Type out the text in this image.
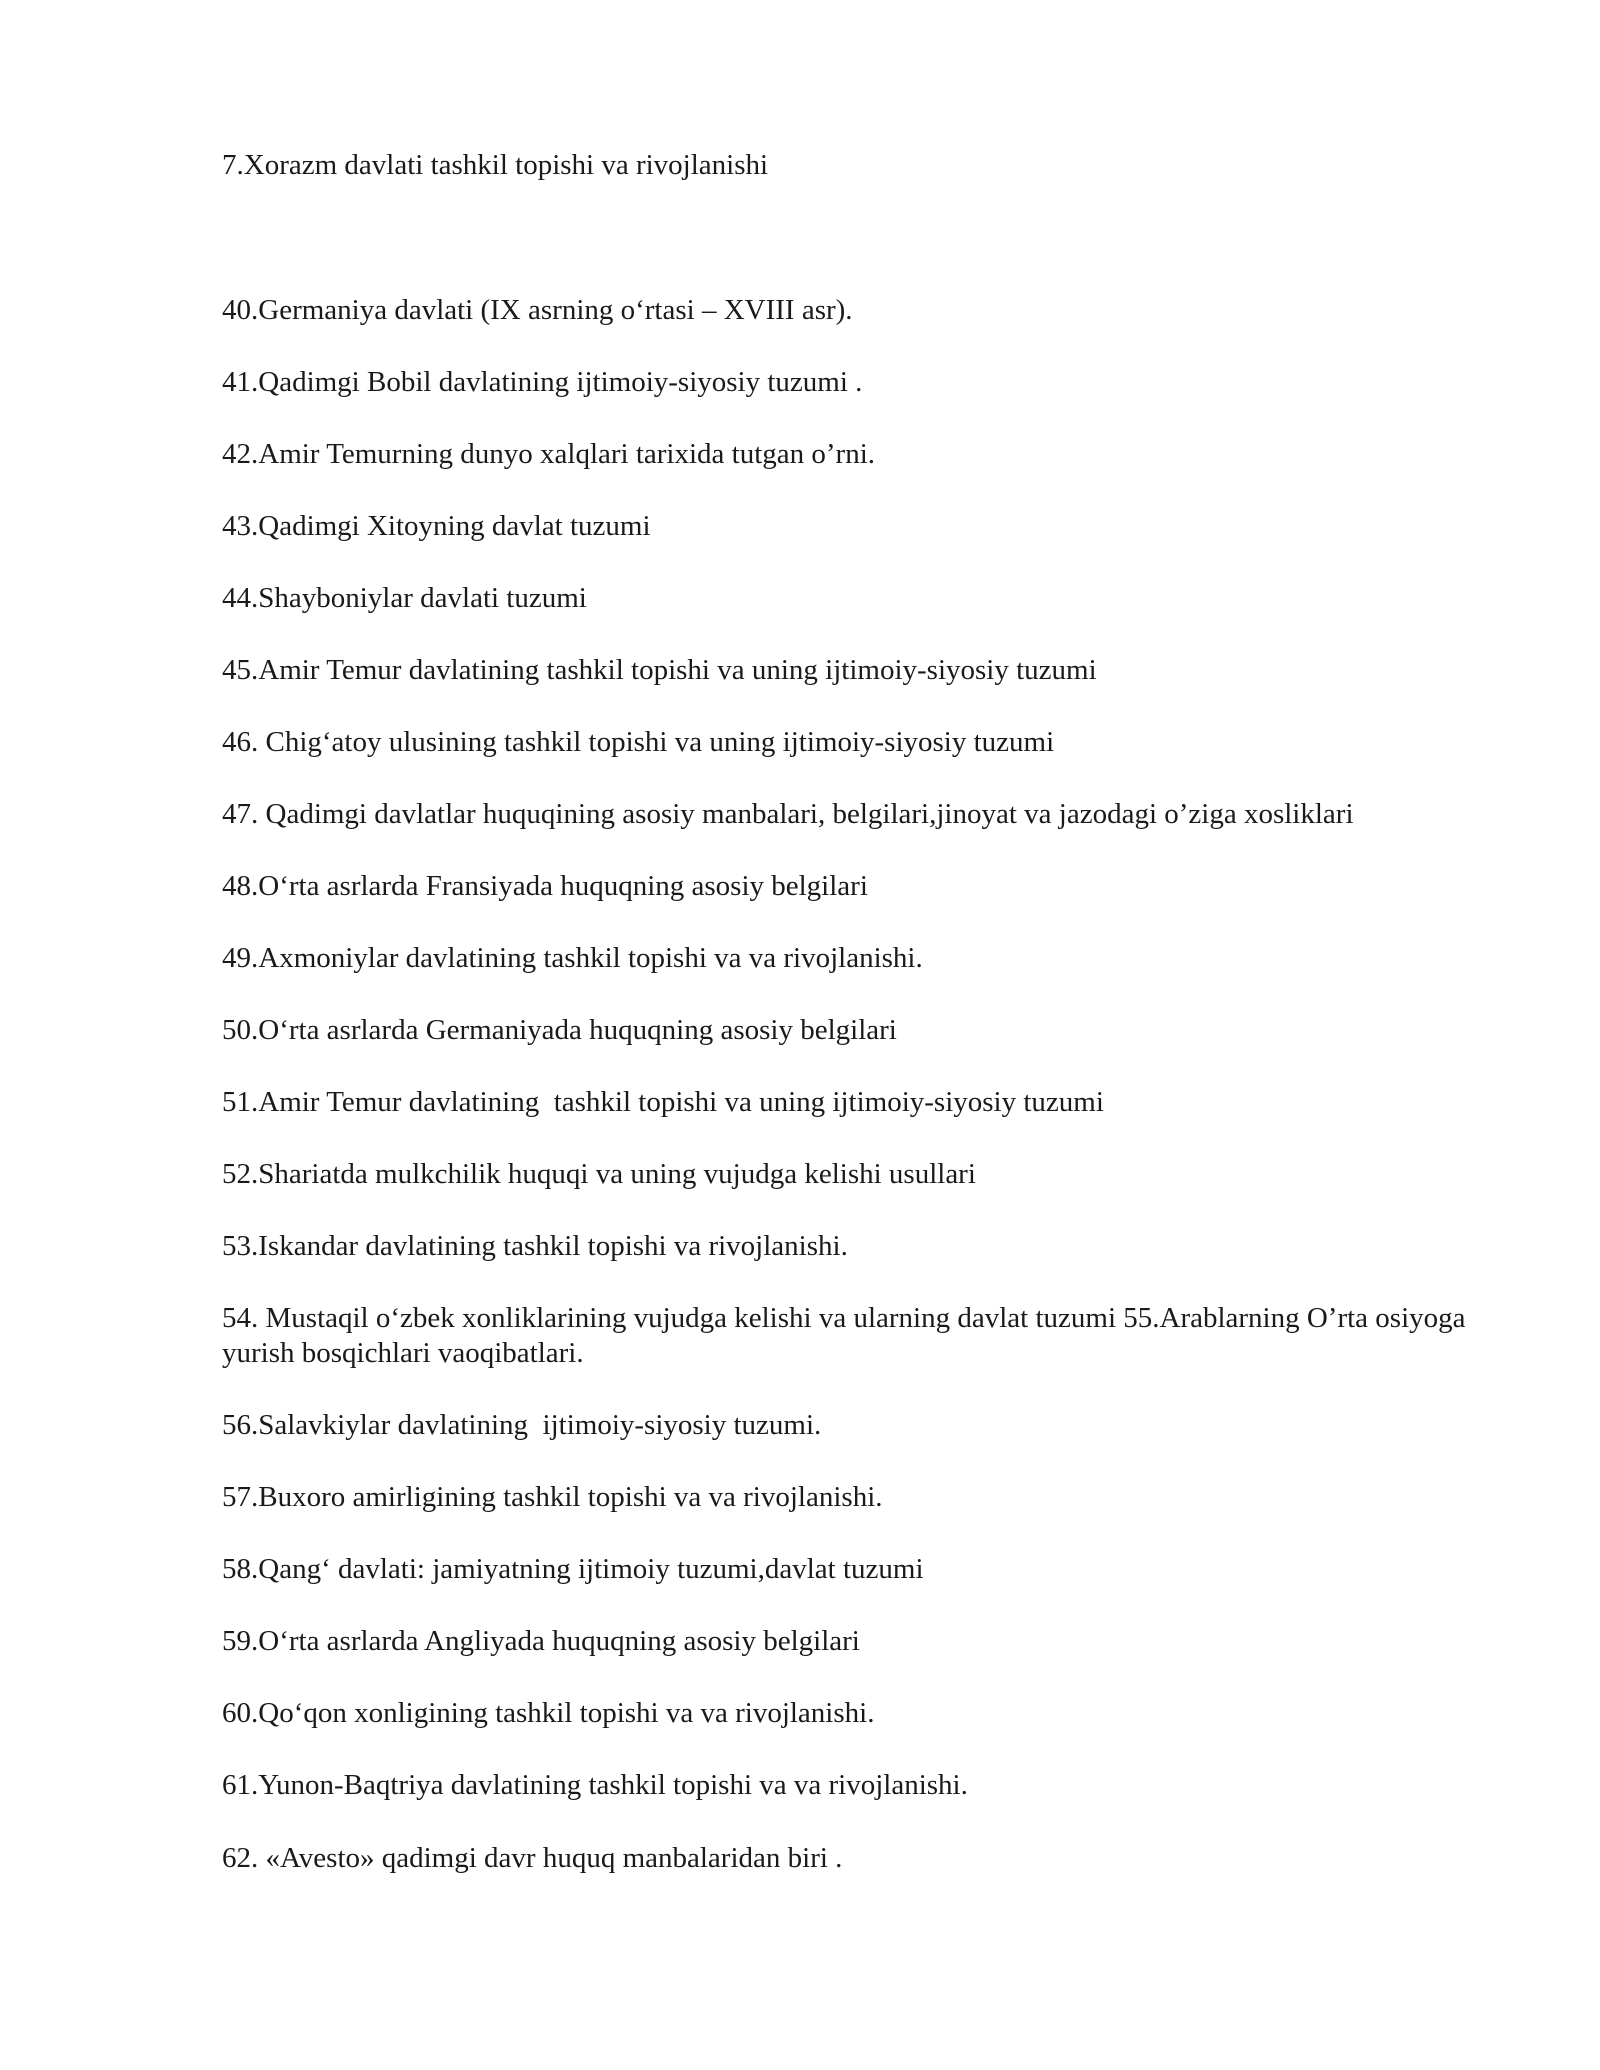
7.Xorazm davlati tashkil topishi va rivojlanishi

40.Germaniya davlati (IX asrning o‘rtasi – XVIII asr).

41.Qadimgi Bobil davlatining ijtimoiy-siyosiy tuzumi .

42.Amir Temurning dunyo xalqlari tarixida tutgan o’rni.

43.Qadimgi Xitoyning davlat tuzumi

44.Shayboniylar davlati tuzumi

45.Amir Temur davlatining tashkil topishi va uning ijtimoiy-siyosiy tuzumi

46. Chig‘atoy ulusining tashkil topishi va uning ijtimoiy-siyosiy tuzumi

47. Qadimgi davlatlar huquqining asosiy manbalari, belgilari,jinoyat va jazodagi o’ziga xosliklari

48.O‘rta asrlarda Fransiyada huquqning asosiy belgilari

49.Axmoniylar davlatining tashkil topishi va va rivojlanishi.

50.O‘rta asrlarda Germaniyada huquqning asosiy belgilari

51.Amir Temur davlatining  tashkil topishi va uning ijtimoiy-siyosiy tuzumi

52.Shariatda mulkchilik huquqi va uning vujudga kelishi usullari

53.Iskandar davlatining tashkil topishi va rivojlanishi.

54. Mustaqil o‘zbek xonliklarining vujudga kelishi va ularning davlat tuzumi 55.Arablarning O’rta osiyoga yurish bosqichlari vaoqibatlari.

56.Salavkiylar davlatining  ijtimoiy-siyosiy tuzumi.

57.Buxoro amirligining tashkil topishi va va rivojlanishi.

58.Qang‘ davlati: jamiyatning ijtimoiy tuzumi,davlat tuzumi

59.O‘rta asrlarda Angliyada huquqning asosiy belgilari

60.Qo‘qon xonligining tashkil topishi va va rivojlanishi.

61.Yunon-Baqtriya davlatining tashkil topishi va va rivojlanishi.

62. «Avesto» qadimgi davr huquq manbalaridan biri .
